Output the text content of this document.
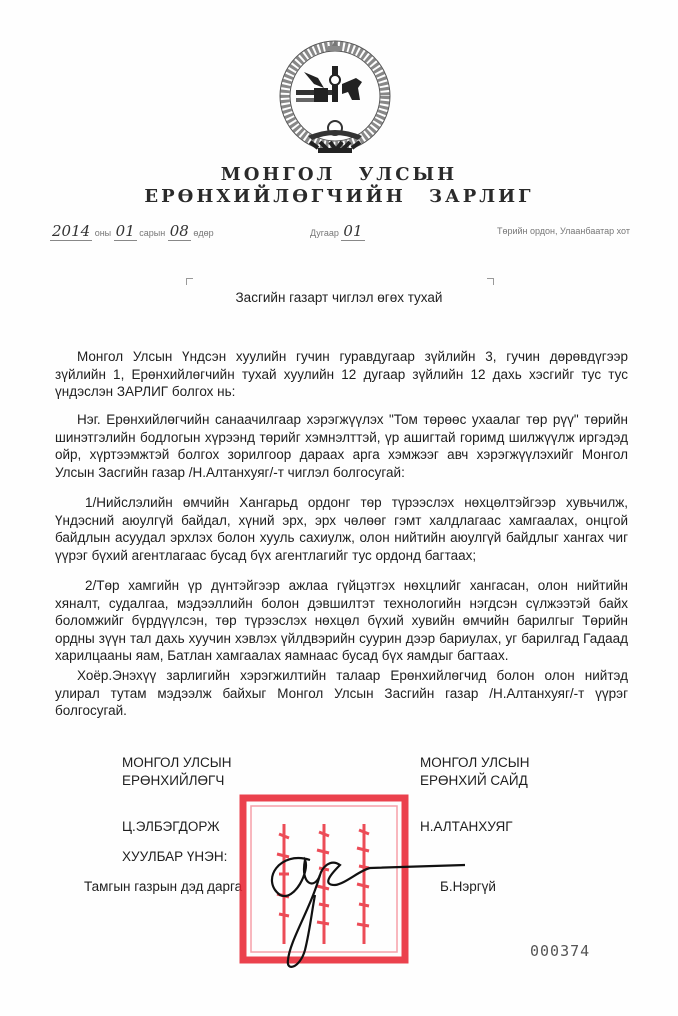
МОНГОЛ УЛСЫН
ЕРӨНХИЙЛӨГЧИЙН ЗАРЛИГ
2014 оны 01 сарын 08 өдөр	Дугаар 01	Төрийн ордон, Улаанбаатар хот
Засгийн газарт чиглэл өгөх тухай

Монгол Улсын Үндсэн хуулийн гучин гуравдугаар зүйлийн 3, гучин дөрөвдүгээр зүйлийн 1, Ерөнхийлөгчийн тухай хуулийн 12 дугаар зүйлийн 12 дахь хэсгийг тус тус үндэслэн ЗАРЛИГ болгох нь:

Нэг. Ерөнхийлөгчийн санаачилгаар хэрэгжүүлэх "Том төрөөс ухаалаг төр рүү" төрийн шинэтгэлийн бодлогын хүрээнд төрийг хэмнэлттэй, үр ашигтай горимд шилжүүлж иргэдэд ойр, хүртээмжтэй болгох зорилгоор дараах арга хэмжээг авч хэрэгжүүлэхийг Монгол Улсын Засгийн газар /Н.Алтанхуяг/-т чиглэл болгосугай:

1/Нийслэлийн өмчийн Хангарьд ордонг төр түрээслэх нөхцөлтэйгээр хувьчилж, Үндэсний аюулгүй байдал, хүний эрх, эрх чөлөөг гэмт халдлагаас хамгаалах, онцгой байдлын асуудал эрхлэх болон хууль сахиулж, олон нийтийн аюулгүй байдлыг хангах чиг үүрэг бүхий агентлагаас бусад бүх агентлагийг тус ордонд багтаах;

2/Төр хамгийн үр дүнтэйгээр ажлаа гүйцэтгэх нөхцлийг хангасан, олон нийтийн хяналт, судалгаа, мэдээллийн болон дэвшилтэт технологийн нэгдсэн сүлжээтэй байх боломжийг бүрдүүлсэн, төр түрээслэх нөхцөл бүхий хувийн өмчийн барилгыг Төрийн ордны зүүн тал дахь хуучин хэвлэх үйлдвэрийн суурин дээр бариулах, уг барилгад Гадаад харилцааны яам, Батлан хамгаалах яамнаас бусад бүх яамдыг багтаах.

Хоёр.Энэхүү зарлигийн хэрэгжилтийн талаар Ерөнхийлөгчид болон олон нийтэд улирал тутам мэдээлж байхыг Монгол Улсын Засгийн газар /Н.Алтанхуяг/-т үүрэг болгосугай.

МОНГОЛ УЛСЫН
ЕРӨНХИЙЛӨГЧ
МОНГОЛ УЛСЫН
ЕРӨНХИЙ САЙД
Ц.ЭЛБЭГДОРЖ	Н.АЛТАНХУЯГ
ХУУЛБАР ҮНЭН:
Тамгын газрын дэд дарга	Б.Нэргүй
000374
